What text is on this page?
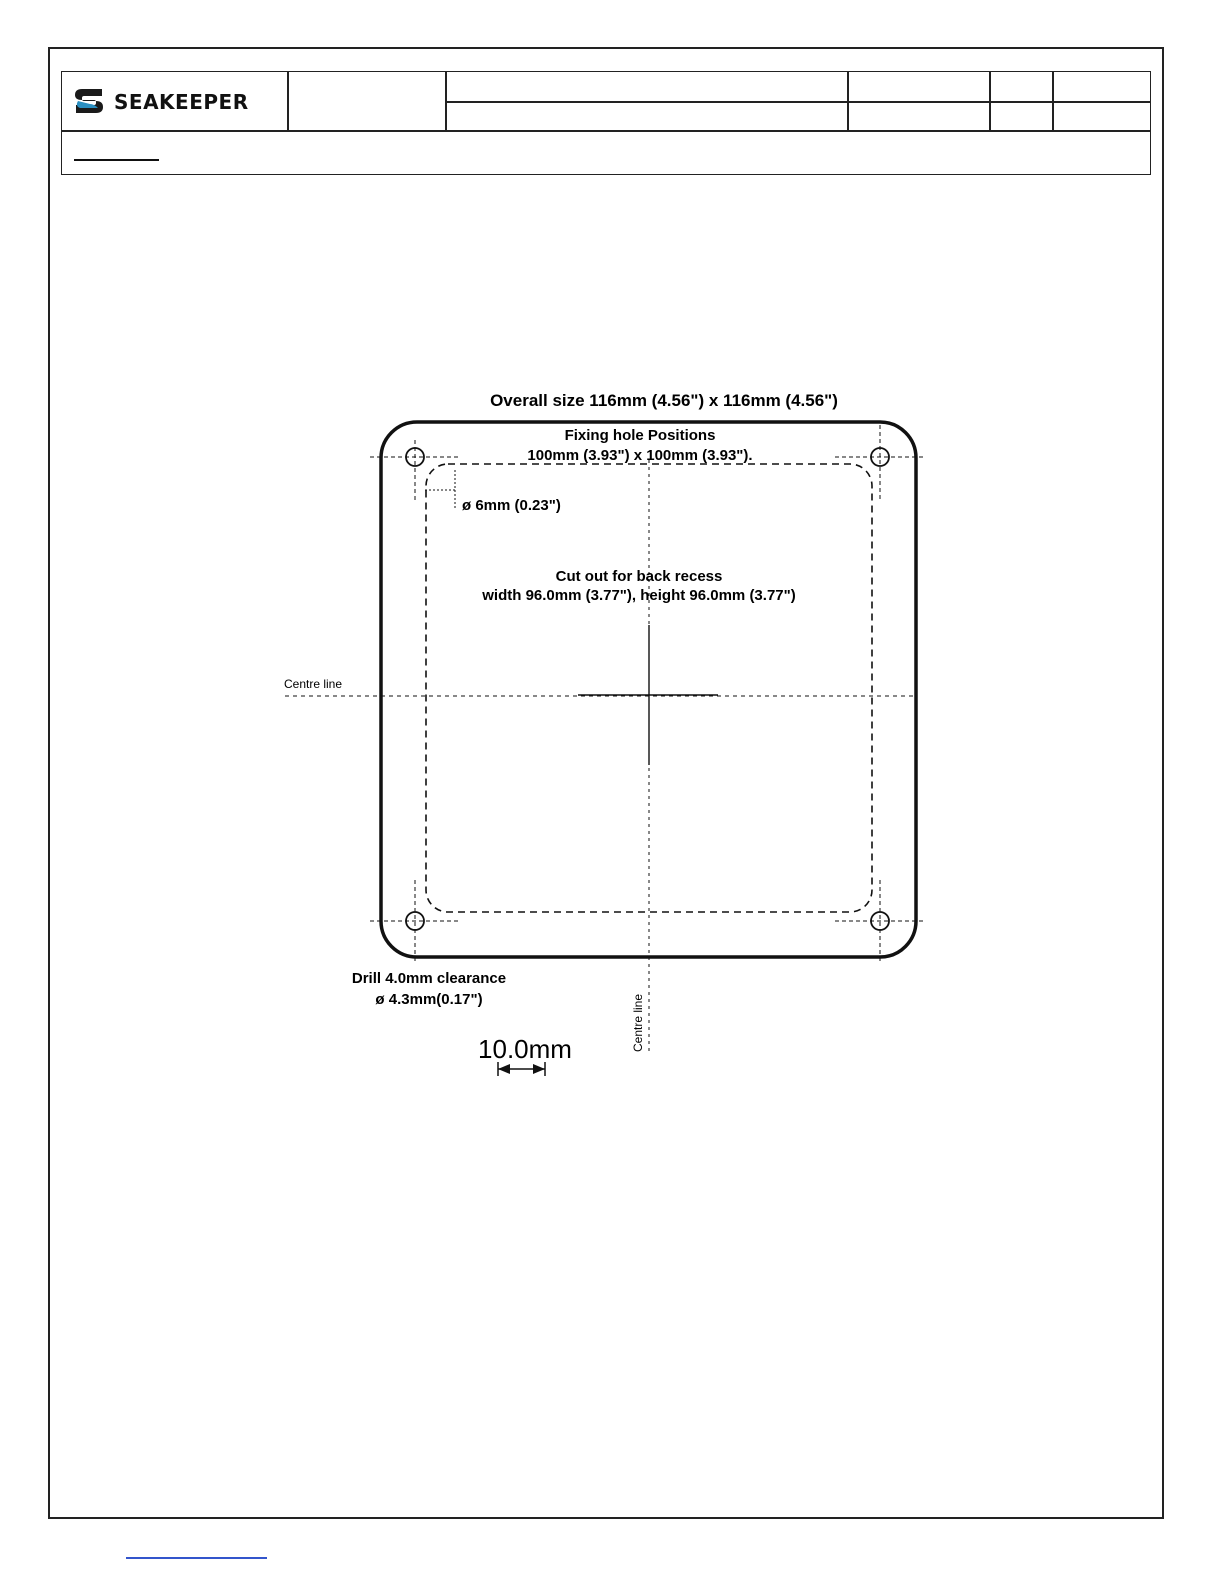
SEAKEEPER
Overall size 116mm (4.56") x 116mm (4.56")
Fixing hole Positions
100mm (3.93") x 100mm (3.93").
ø 6mm (0.23")
Cut out for back recess
width 96.0mm (3.77"), height 96.0mm (3.77")
Centre line
Centre line
Drill 4.0mm clearance
ø 4.3mm(0.17")
10.0mm
